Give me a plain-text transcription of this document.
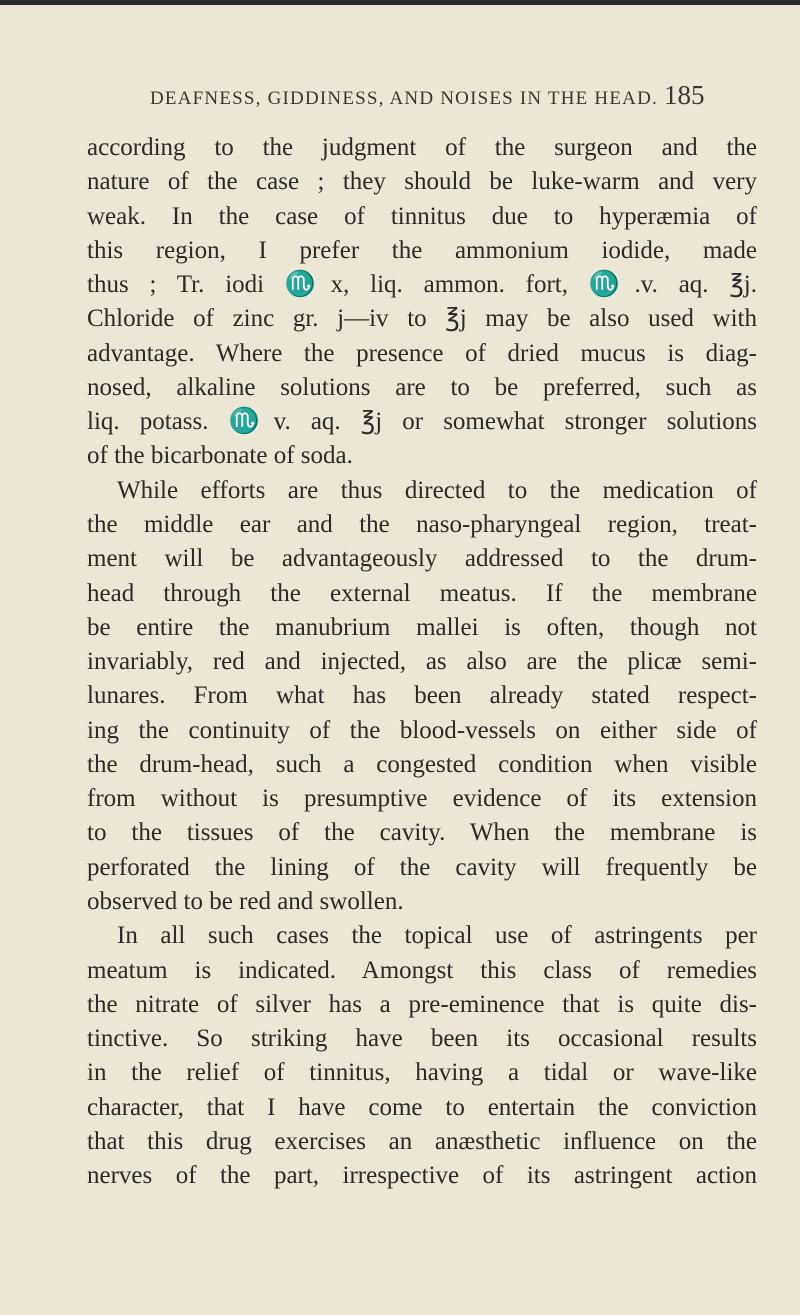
DEAFNESS, GIDDINESS, AND NOISES IN THE HEAD. 185
according to the judgment of the surgeon and the
nature of the case ; they should be luke-warm and very
weak. In the case of tinnitus due to hyperæmia of
this region, I prefer the ammonium iodide, made
thus ; Tr. iodi ♏x, liq. ammon. fort, ♏.v. aq. ℥j.
Chloride of zinc gr. j—iv to ℥j may be also used with
advantage. Where the presence of dried mucus is diag-
nosed, alkaline solutions are to be preferred, such as
liq. potass. ♏v. aq. ℥j or somewhat stronger solutions
of the bicarbonate of soda.
While efforts are thus directed to the medication of
the middle ear and the naso-pharyngeal region, treat-
ment will be advantageously addressed to the drum-
head through the external meatus. If the membrane
be entire the manubrium mallei is often, though not
invariably, red and injected, as also are the plicæ semi-
lunares. From what has been already stated respect-
ing the continuity of the blood-vessels on either side of
the drum-head, such a congested condition when visible
from without is presumptive evidence of its extension
to the tissues of the cavity. When the membrane is
perforated the lining of the cavity will frequently be
observed to be red and swollen.
In all such cases the topical use of astringents per
meatum is indicated. Amongst this class of remedies
the nitrate of silver has a pre-eminence that is quite dis-
tinctive. So striking have been its occasional results
in the relief of tinnitus, having a tidal or wave-like
character, that I have come to entertain the conviction
that this drug exercises an anæsthetic influence on the
nerves of the part, irrespective of its astringent action
